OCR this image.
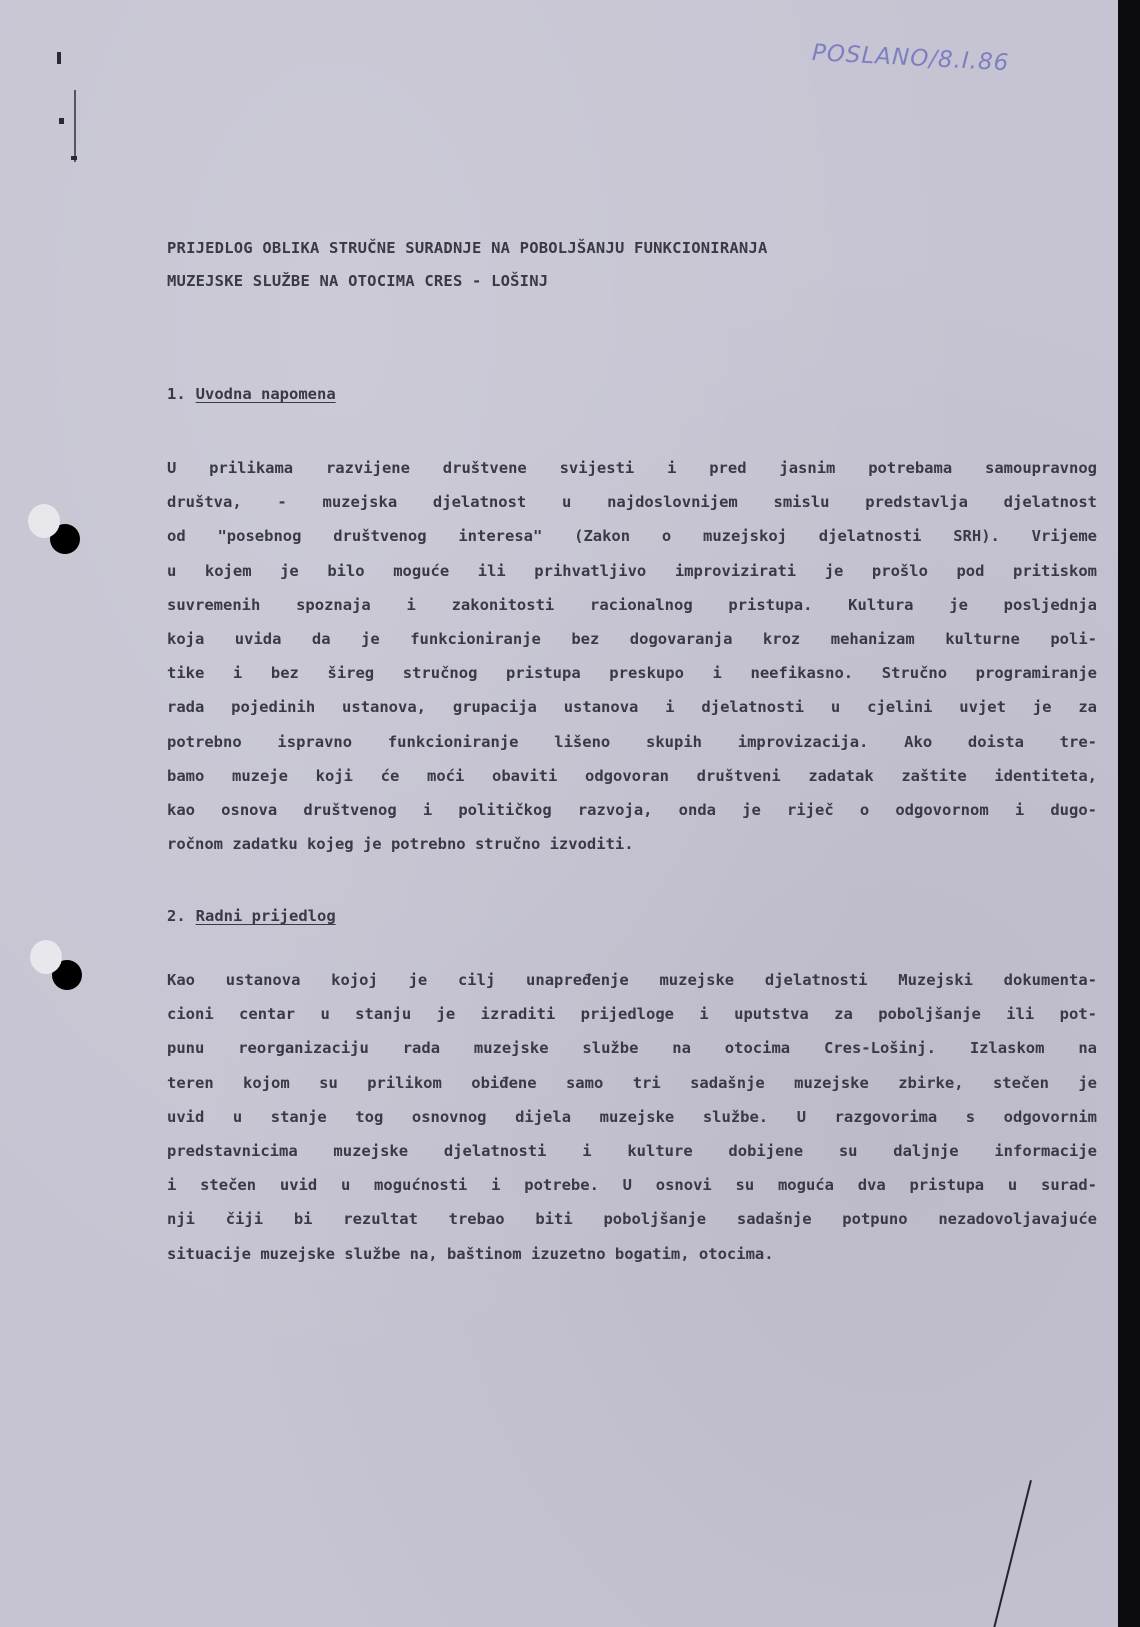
POSLANO/8.I.86
PRIJEDLOG OBLIKA STRUČNE SURADNJE NA POBOLJŠANJU FUNKCIONIRANJA
MUZEJSKE SLUŽBE NA OTOCIMA CRES - LOŠINJ
1. Uvodna napomena
U prilikama razvijene društvene svijesti i pred jasnim potrebama samoupravnog
društva, - muzejska djelatnost u najdoslovnijem smislu predstavlja djelatnost
od "posebnog društvenog interesa" (Zakon o muzejskoj djelatnosti SRH). Vrijeme
u kojem je bilo moguće ili prihvatljivo improvizirati je prošlo pod pritiskom
suvremenih spoznaja i zakonitosti racionalnog pristupa. Kultura je posljednja
koja uvida da je funkcioniranje bez dogovaranja kroz mehanizam kulturne poli-
tike i bez šireg stručnog pristupa preskupo i neefikasno. Stručno programiranje
rada pojedinih ustanova, grupacija ustanova i djelatnosti u cjelini uvjet je za
potrebno ispravno funkcioniranje lišeno skupih improvizacija. Ako doista tre-
bamo muzeje koji će moći obaviti odgovoran društveni zadatak zaštite identiteta,
kao osnova društvenog i političkog razvoja, onda je riječ o odgovornom i dugo-
ročnom zadatku kojeg je potrebno stručno izvoditi.
2. Radni prijedlog
Kao ustanova kojoj je cilj unapređenje muzejske djelatnosti Muzejski dokumenta-
cioni centar u stanju je izraditi prijedloge i uputstva za poboljšanje ili pot-
punu reorganizaciju rada muzejske službe na otocima Cres-Lošinj. Izlaskom na
teren kojom su prilikom obiđene samo tri sadašnje muzejske zbirke, stečen je
uvid u stanje tog osnovnog dijela muzejske službe. U razgovorima s odgovornim
predstavnicima muzejske djelatnosti i kulture dobijene su daljnje informacije
i stečen uvid u mogućnosti i potrebe. U osnovi su moguća dva pristupa u surad-
nji čiji bi rezultat trebao biti poboljšanje sadašnje potpuno nezadovoljavajuće
situacije muzejske službe na, baštinom izuzetno bogatim, otocima.
